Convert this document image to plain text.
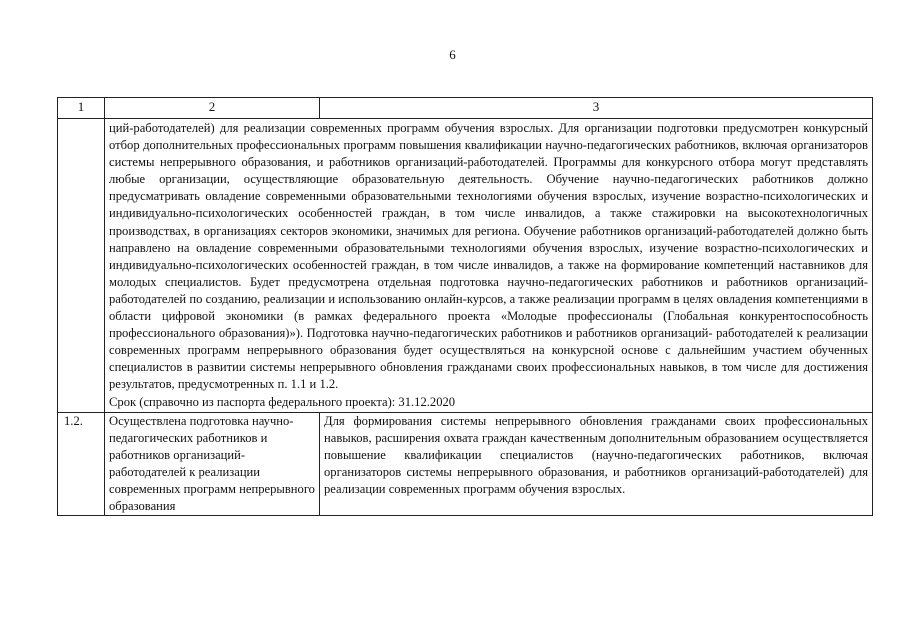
6
1	2	3

	ций-работодателей) для реализации современных программ обучения взрослых. Для организации подготовки предусмотрен конкурсный отбор дополнительных профессиональных программ повышения квалификации научно-педагогических работников, включая организаторов системы непрерывного образования, и работников организаций-работодателей. Программы для конкурсного отбора могут представлять любые организации, осуществляющие образовательную деятельность. Обучение научно-педагогических работников должно предусматривать овладение современными образовательными технологиями обучения взрослых, изучение возрастно-психологических и индивидуально-психологических особенностей граждан, в том числе инвалидов, а также стажировки на высокотехнологичных производствах, в организациях секторов экономики, значимых для региона. Обучение работников организаций-работодателей должно быть направлено на овладение современными образовательными технологиями обучения взрослых, изучение возрастно-психологических и индивидуально-психологических особенностей граждан, в том числе инвалидов, а также на формирование компетенций наставников для молодых специалистов. Будет предусмотрена отдельная подготовка научно-педагогических работников и работников организаций-работодателей по созданию, реализации и использованию онлайн-курсов, а также реализации программ в целях овладения компетенциями в области цифровой экономики (в рамках федерального проекта «Молодые профессионалы (Глобальная конкурентоспособность профессионального образования)»). Подготовка научно-педагогических работников и работников организаций- работодателей к реализации современных программ непрерывного образования будет осуществляться на конкурсной основе с дальнейшим участием обученных специалистов в развитии системы непрерывного обновления гражданами своих профессиональных навыков, в том числе для достижения результатов, предусмотренных п. 1.1 и 1.2.
Срок (справочно из паспорта федерального проекта): 31.12.2020	

1.2.	Осуществлена подготовка научно-педагогических работников и работников организаций-работодателей к реализации современных программ непрерывного образования	Для формирования системы непрерывного обновления гражданами своих профессиональных навыков, расширения охвата граждан качественным дополнительным образованием осуществляется повышение квалификации специалистов (научно-педагогических работников, включая организаторов системы непрерывного образования, и работников организаций-работодателей) для реализации современных программ обучения взрослых.
